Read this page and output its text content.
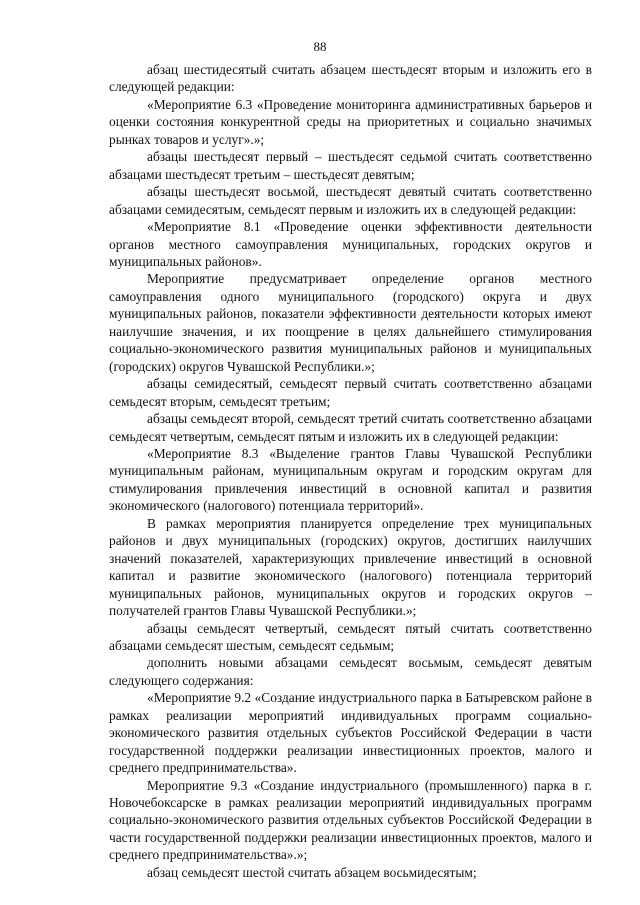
88

абзац шестидесятый считать абзацем шестьдесят вторым и изложить его в следующей редакции:

«Мероприятие 6.3 «Проведение мониторинга административных барьеров и оценки состояния конкурентной среды на приоритетных и социально значимых рынках товаров и услуг».»;

абзацы шестьдесят первый – шестьдесят седьмой считать соответственно абзацами шестьдесят третьим – шестьдесят девятым;

абзацы шестьдесят восьмой, шестьдесят девятый считать соответственно абзацами семидесятым, семьдесят первым и изложить их в следующей редакции:

«Мероприятие 8.1 «Проведение оценки эффективности деятельности органов местного самоуправления муниципальных, городских округов и муниципальных районов».

Мероприятие предусматривает определение органов местного самоуправления одного муниципального (городского) округа и двух муниципальных районов, показатели эффективности деятельности которых имеют наилучшие значения, и их поощрение в целях дальнейшего стимулирования социально-экономического развития муниципальных районов и муниципальных (городских) округов Чувашской Республики.»;

абзацы семидесятый, семьдесят первый считать соответственно абзацами семьдесят вторым, семьдесят третьим;

абзацы семьдесят второй, семьдесят третий считать соответственно абзацами семьдесят четвертым, семьдесят пятым и изложить их в следующей редакции:

«Мероприятие 8.3 «Выделение грантов Главы Чувашской Республики муниципальным районам, муниципальным округам и городским округам для стимулирования привлечения инвестиций в основной капитал и развития экономического (налогового) потенциала территорий».

В рамках мероприятия планируется определение трех муниципальных районов и двух муниципальных (городских) округов, достигших наилучших значений показателей, характеризующих привлечение инвестиций в основной капитал и развитие экономического (налогового) потенциала территорий муниципальных районов, муниципальных округов и городских округов – получателей грантов Главы Чувашской Республики.»;

абзацы семьдесят четвертый, семьдесят пятый считать соответственно абзацами семьдесят шестым, семьдесят седьмым;

дополнить новыми абзацами семьдесят восьмым, семьдесят девятым следующего содержания:

«Мероприятие 9.2 «Создание индустриального парка в Батыревском районе в рамках реализации мероприятий индивидуальных программ социально-экономического развития отдельных субъектов Российской Федерации в части государственной поддержки реализации инвестиционных проектов, малого и среднего предпринимательства».

Мероприятие 9.3 «Создание индустриального (промышленного) парка в г. Новочебоксарске в рамках реализации мероприятий индивидуальных программ социально-экономического развития отдельных субъектов Российской Федерации в части государственной поддержки реализации инвестиционных проектов, малого и среднего предпринимательства».»;

абзац семьдесят шестой считать абзацем восьмидесятым;
